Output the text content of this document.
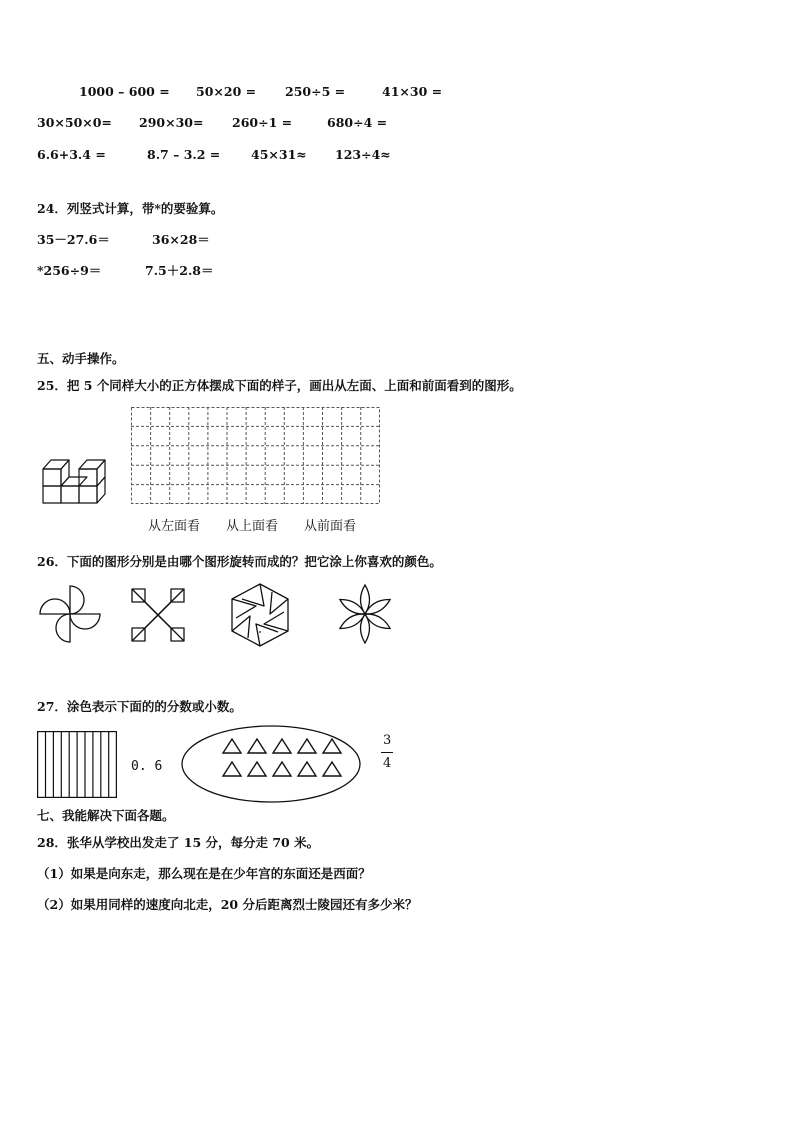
1000 – 600 = 50×20 = 250÷5 =	41×30 =
30×50×0= 290×30= 260÷1 =	680÷4 =
6.6+3.4 =	8.7 – 3.2 = 45×31≈ 123÷4≈
24．列竖式计算，带*的要验算。
35－27.6＝	36×28＝
*256÷9＝	7.5＋2.8＝
五、动手操作。
25．把 5 个同样大小的正方体摆成下面的样子，画出从左面、上面和前面看到的图形。
从左面看 从上面看 从前面看
26．下面的图形分别是由哪个图形旋转而成的？把它涂上你喜欢的颜色。
27．涂色表示下面的的分数或小数。
0. 6
3
4
七、我能解决下面各题。
28．张华从学校出发走了 15 分，每分走 70 米。
（1）如果是向东走，那么现在是在少年宫的东面还是西面？
（2）如果用同样的速度向北走，20 分后距离烈士陵园还有多少米？
